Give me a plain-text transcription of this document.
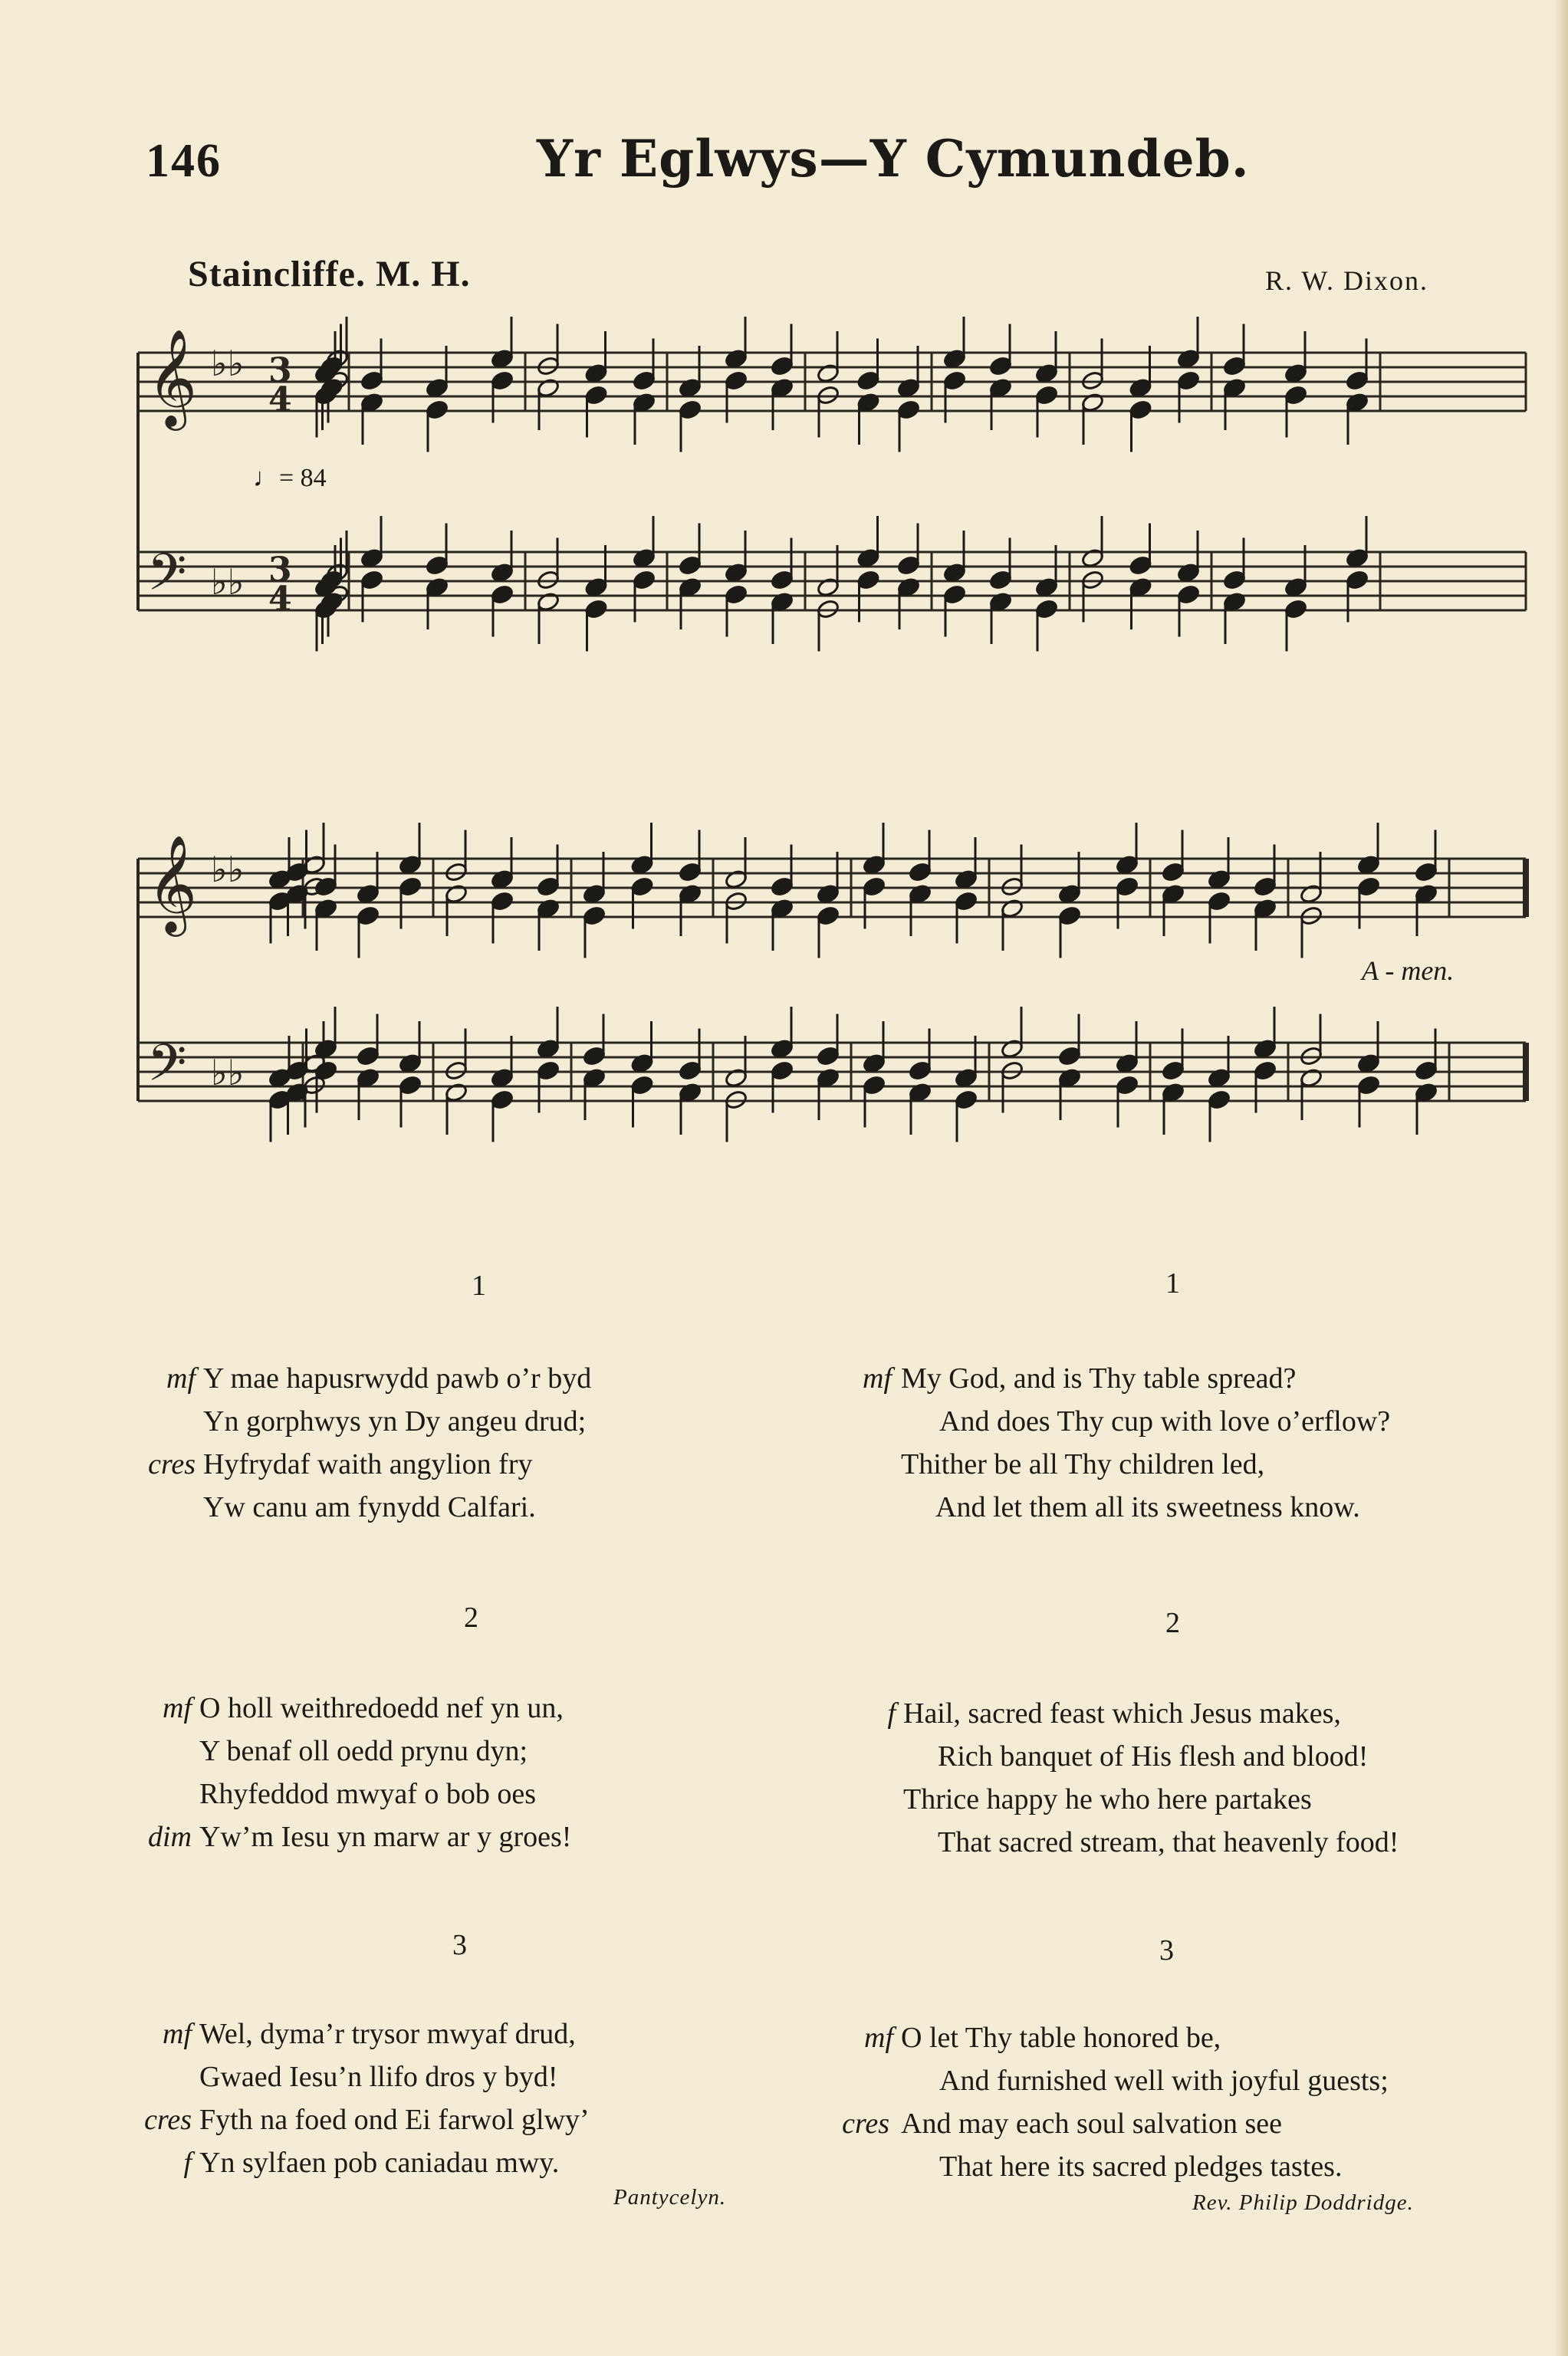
146	Yr Eglwys—Y Cymundeb.
Staincliffe. M. H.	R. W. Dixon.
♩= 84
𝄞
𝄢
♭♭
♭♭
3
4
3
4
𝄞
𝄢
♭♭
♭♭
A - men.
1
mf Y mae hapusrwydd pawb o’r byd
Yn gorphwys yn Dy angeu drud;
cres Hyfrydaf waith angylion fry
Yw canu am fynydd Calfari.
2
mf O holl weithredoedd nef yn un,
Y benaf oll oedd prynu dyn;
Rhyfeddod mwyaf o bob oes
dim Yw’m Iesu yn marw ar y groes!
3
mf Wel, dyma’r trysor mwyaf drud,
Gwaed Iesu’n llifo dros y byd!
cres Fyth na foed ond Ei farwol glwy’
f Yn sylfaen pob caniadau mwy.
Pantycelyn.
1
mf My God, and is Thy table spread?
And does Thy cup with love o’erflow?
Thither be all Thy children led,
And let them all its sweetness know.
2
f Hail, sacred feast which Jesus makes,
Rich banquet of His flesh and blood!
Thrice happy he who here partakes
That sacred stream, that heavenly food!
3
mf O let Thy table honored be,
And furnished well with joyful guests;
cres And may each soul salvation see
That here its sacred pledges tastes.
Rev. Philip Doddridge.
